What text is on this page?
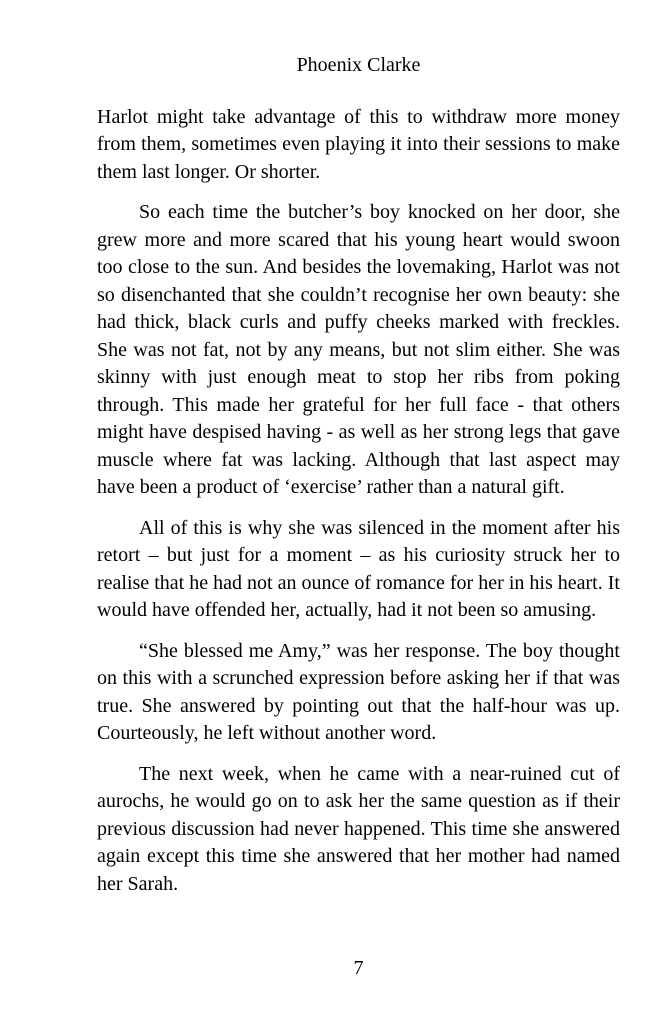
Phoenix Clarke

Harlot might take advantage of this to withdraw more money from them, sometimes even playing it into their sessions to make them last longer. Or shorter.

So each time the butcher’s boy knocked on her door, she grew more and more scared that his young heart would swoon too close to the sun. And besides the lovemaking, Harlot was not so disenchanted that she couldn’t recognise her own beauty: she had thick, black curls and puffy cheeks marked with freckles. She was not fat, not by any means, but not slim either. She was skinny with just enough meat to stop her ribs from poking through. This made her grateful for her full face - that others might have despised having - as well as her strong legs that gave muscle where fat was lacking. Although that last aspect may have been a product of ‘exercise’ rather than a natural gift.

All of this is why she was silenced in the moment after his retort – but just for a moment – as his curiosity struck her to realise that he had not an ounce of romance for her in his heart. It would have offended her, actually, had it not been so amusing.

“She blessed me Amy,” was her response. The boy thought on this with a scrunched expression before asking her if that was true. She answered by pointing out that the half-hour was up. Courteously, he left without another word.

The next week, when he came with a near-ruined cut of aurochs, he would go on to ask her the same question as if their previous discussion had never happened. This time she answered again except this time she answered that her mother had named her Sarah.

7
